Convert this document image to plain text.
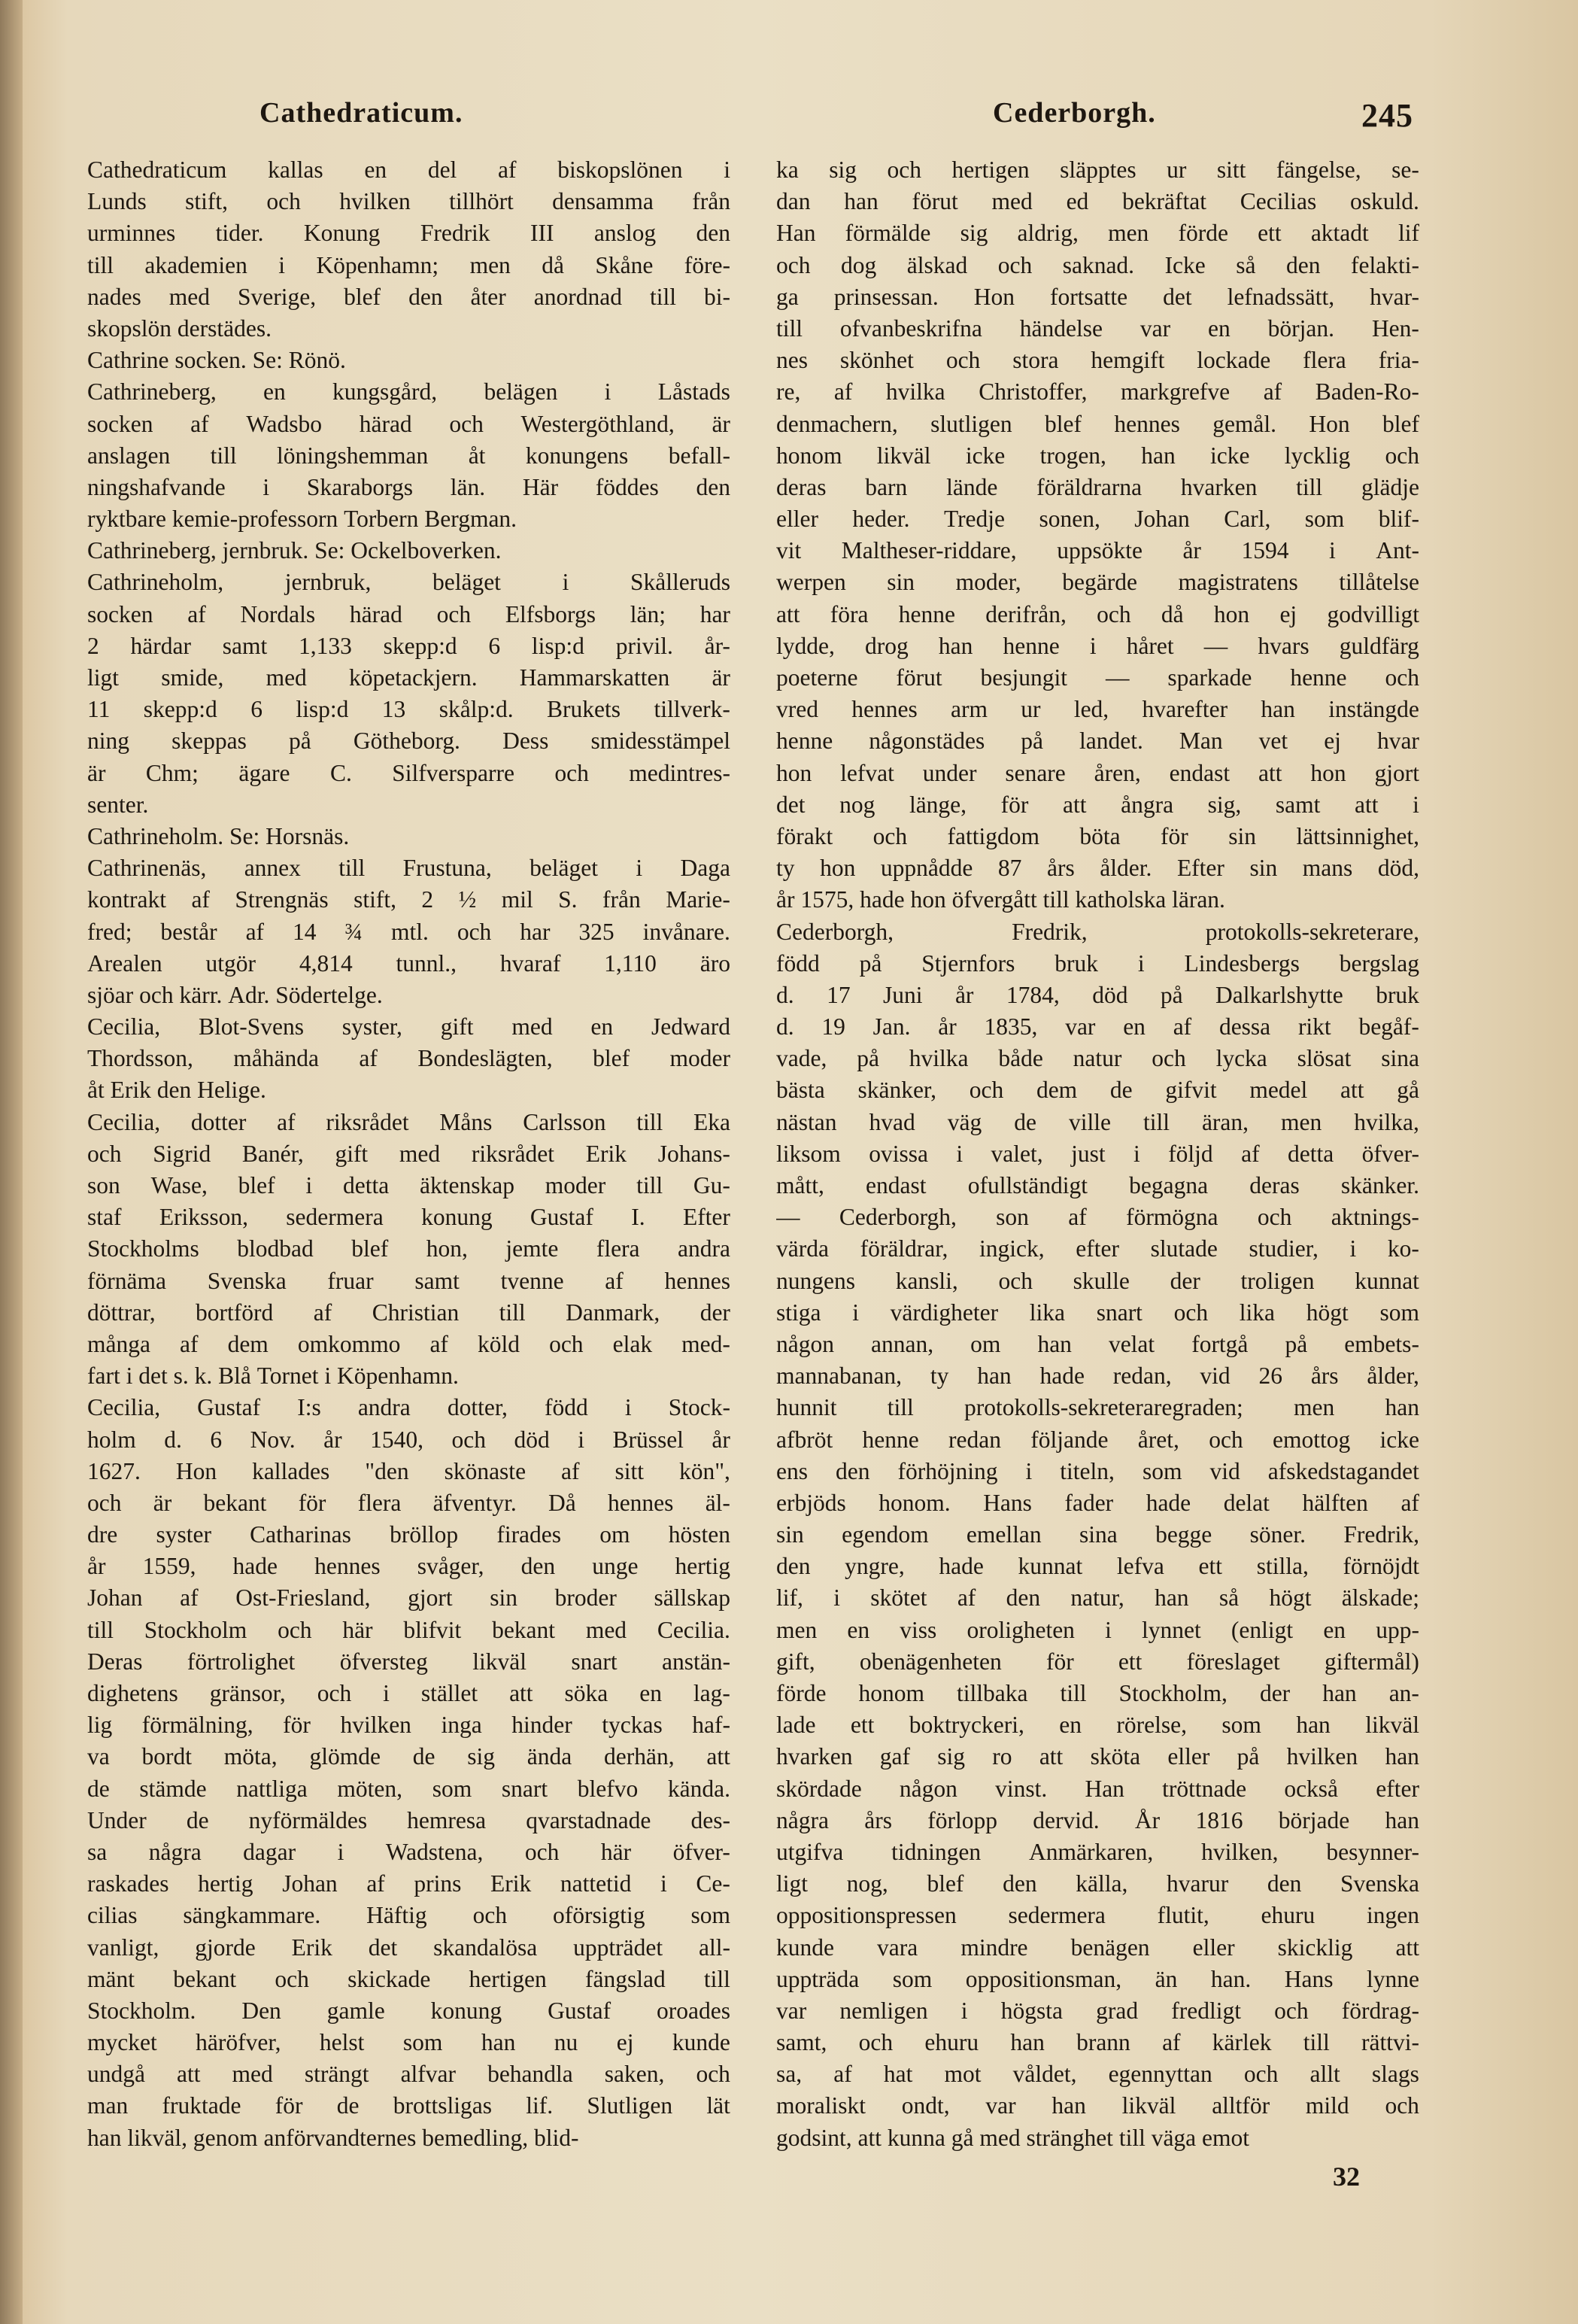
Cathedraticum.	Cederborgh.	245
Cathedraticum kallas en del af biskopslönen i
Lunds stift, och hvilken tillhört densamma från
urminnes tider. Konung Fredrik III anslog den
till akademien i Köpenhamn; men då Skåne före-
nades med Sverige, blef den åter anordnad till bi-
skopslön derstädes.
Cathrine socken. Se: Rönö.
Cathrineberg, en kungsgård, belägen i Låstads
socken af Wadsbo härad och Westergöthland, är
anslagen till löningshemman åt konungens befall-
ningshafvande i Skaraborgs län. Här föddes den
ryktbare kemie-professorn Torbern Bergman.
Cathrineberg, jernbruk. Se: Ockelboverken.
Cathrineholm,	jernbruk,	beläget	i	Skålleruds
socken af Nordals härad och Elfsborgs län; har
2 härdar samt 1,133 skepp:d 6 lisp:d privil. år-
ligt smide, med köpetackjern. Hammarskatten är
11 skepp:d 6 lisp:d 13 skålp:d. Brukets tillverk-
ning skeppas på Götheborg. Dess smidesstämpel
är Chm; ägare C. Silfversparre och medintres-
senter.
Cathrineholm. Se: Horsnäs.
Cathrinenäs, annex till Frustuna, beläget i Daga
kontrakt af Strengnäs stift, 2 ½ mil S. från Marie-
fred; består af 14 ¾ mtl. och har 325 invånare.
Arealen utgör 4,814 tunnl., hvaraf 1,110 äro
sjöar och kärr. Adr. Södertelge.
Cecilia, Blot-Svens syster, gift med en Jedward
Thordsson, måhända af Bondeslägten, blef moder
åt Erik den Helige.
Cecilia, dotter af riksrådet Måns Carlsson till Eka
och Sigrid Banér, gift med riksrådet Erik Johans-
son Wase, blef i detta äktenskap moder till Gu-
staf Eriksson, sedermera konung Gustaf I. Efter
Stockholms blodbad blef hon, jemte flera andra
förnäma Svenska fruar samt tvenne af hennes
döttrar, bortförd af Christian till Danmark, der
många af dem omkommo af köld och elak med-
fart i det s. k. Blå Tornet i Köpenhamn.
Cecilia, Gustaf I:s andra dotter, född i Stock-
holm d. 6 Nov. år 1540, och död i Brüssel år
1627. Hon kallades "den skönaste af sitt kön",
och är bekant för flera äfventyr. Då hennes äl-
dre syster Catharinas bröllop firades om hösten
år 1559, hade hennes svåger, den unge hertig
Johan af Ost-Friesland, gjort sin broder sällskap
till Stockholm och här blifvit bekant med Cecilia.
Deras förtrolighet öfversteg likväl snart anstän-
dighetens gränsor, och i stället att söka en lag-
lig förmälning, för hvilken inga hinder tyckas haf-
va bordt möta, glömde de sig ända derhän, att
de stämde nattliga möten, som snart blefvo kända.
Under de nyförmäldes hemresa qvarstadnade des-
sa några dagar i Wadstena, och här öfver-
raskades hertig Johan af prins Erik nattetid i Ce-
cilias sängkammare. Häftig och oförsigtig som
vanligt, gjorde Erik det skandalösa uppträdet all-
mänt bekant och skickade hertigen fängslad till
Stockholm. Den gamle konung Gustaf oroades
mycket häröfver, helst som han nu ej kunde
undgå att med strängt alfvar behandla saken, och
man fruktade för de brottsligas lif. Slutligen lät
han likväl, genom anförvandternes bemedling, blid-
ka sig och hertigen släpptes ur sitt fängelse, se-
dan han förut med ed bekräftat Cecilias oskuld.
Han förmälde sig aldrig, men förde ett aktadt lif
och dog älskad och saknad. Icke så den felakti-
ga prinsessan. Hon fortsatte det lefnadssätt, hvar-
till ofvanbeskrifna händelse var en början. Hen-
nes skönhet och stora hemgift lockade flera fria-
re, af hvilka Christoffer, markgrefve af Baden-Ro-
denmachern, slutligen blef hennes gemål. Hon blef
honom likväl icke trogen, han icke lycklig och
deras barn lände föräldrarna hvarken till glädje
eller heder. Tredje sonen, Johan Carl, som blif-
vit Maltheser-riddare, uppsökte år 1594 i Ant-
werpen sin moder, begärde magistratens tillåtelse
att föra henne derifrån, och då hon ej godvilligt
lydde, drog han henne i håret — hvars guldfärg
poeterne förut besjungit — sparkade henne och
vred hennes arm ur led, hvarefter han instängde
henne någonstädes på landet. Man vet ej hvar
hon lefvat under senare åren, endast att hon gjort
det nog länge, för att ångra sig, samt att i
förakt och fattigdom böta för sin lättsinnighet,
ty hon uppnådde 87 års ålder. Efter sin mans död,
år 1575, hade hon öfvergått till katholska läran.
Cederborgh,	Fredrik,	protokolls-sekreterare,
född på Stjernfors bruk i Lindesbergs bergslag
d. 17 Juni år 1784, död på Dalkarlshytte bruk
d. 19 Jan. år 1835, var en af dessa rikt begåf-
vade, på hvilka både natur och lycka slösat sina
bästa skänker, och dem de gifvit medel att gå
nästan hvad väg de ville till äran, men hvilka,
liksom ovissa i valet, just i följd af detta öfver-
mått, endast ofullständigt begagna deras skänker.
— Cederborgh, son af förmögna och aktnings-
värda föräldrar, ingick, efter slutade studier, i ko-
nungens kansli, och skulle der troligen kunnat
stiga i värdigheter lika snart och lika högt som
någon annan, om han velat fortgå på embets-
mannabanan, ty han hade redan, vid 26 års ålder,
hunnit till protokolls-sekreteraregraden; men han
afbröt henne redan följande året, och emottog icke
ens den förhöjning i titeln, som vid afskedstagandet
erbjöds honom. Hans fader hade delat hälften af
sin egendom emellan sina begge söner. Fredrik,
den yngre, hade kunnat lefva ett stilla, förnöjdt
lif, i skötet af den natur, han så högt älskade;
men en viss oroligheten i lynnet (enligt en upp-
gift, obenägenheten för ett föreslaget giftermål)
förde honom tillbaka till Stockholm, der han an-
lade ett boktryckeri, en rörelse, som han likväl
hvarken gaf sig ro att sköta eller på hvilken han
skördade någon vinst. Han tröttnade också efter
några års förlopp dervid. År 1816 började han
utgifva tidningen Anmärkaren, hvilken, besynner-
ligt nog, blef den källa, hvarur den Svenska
oppositionspressen sedermera flutit, ehuru ingen
kunde vara mindre benägen eller skicklig att
uppträda som oppositionsman, än han. Hans lynne
var nemligen i högsta grad fredligt och fördrag-
samt, och ehuru han brann af kärlek till rättvi-
sa, af hat mot våldet, egennyttan och allt slags
moraliskt ondt, var han likväl alltför mild och
godsint, att kunna gå med stränghet till väga emot
32
